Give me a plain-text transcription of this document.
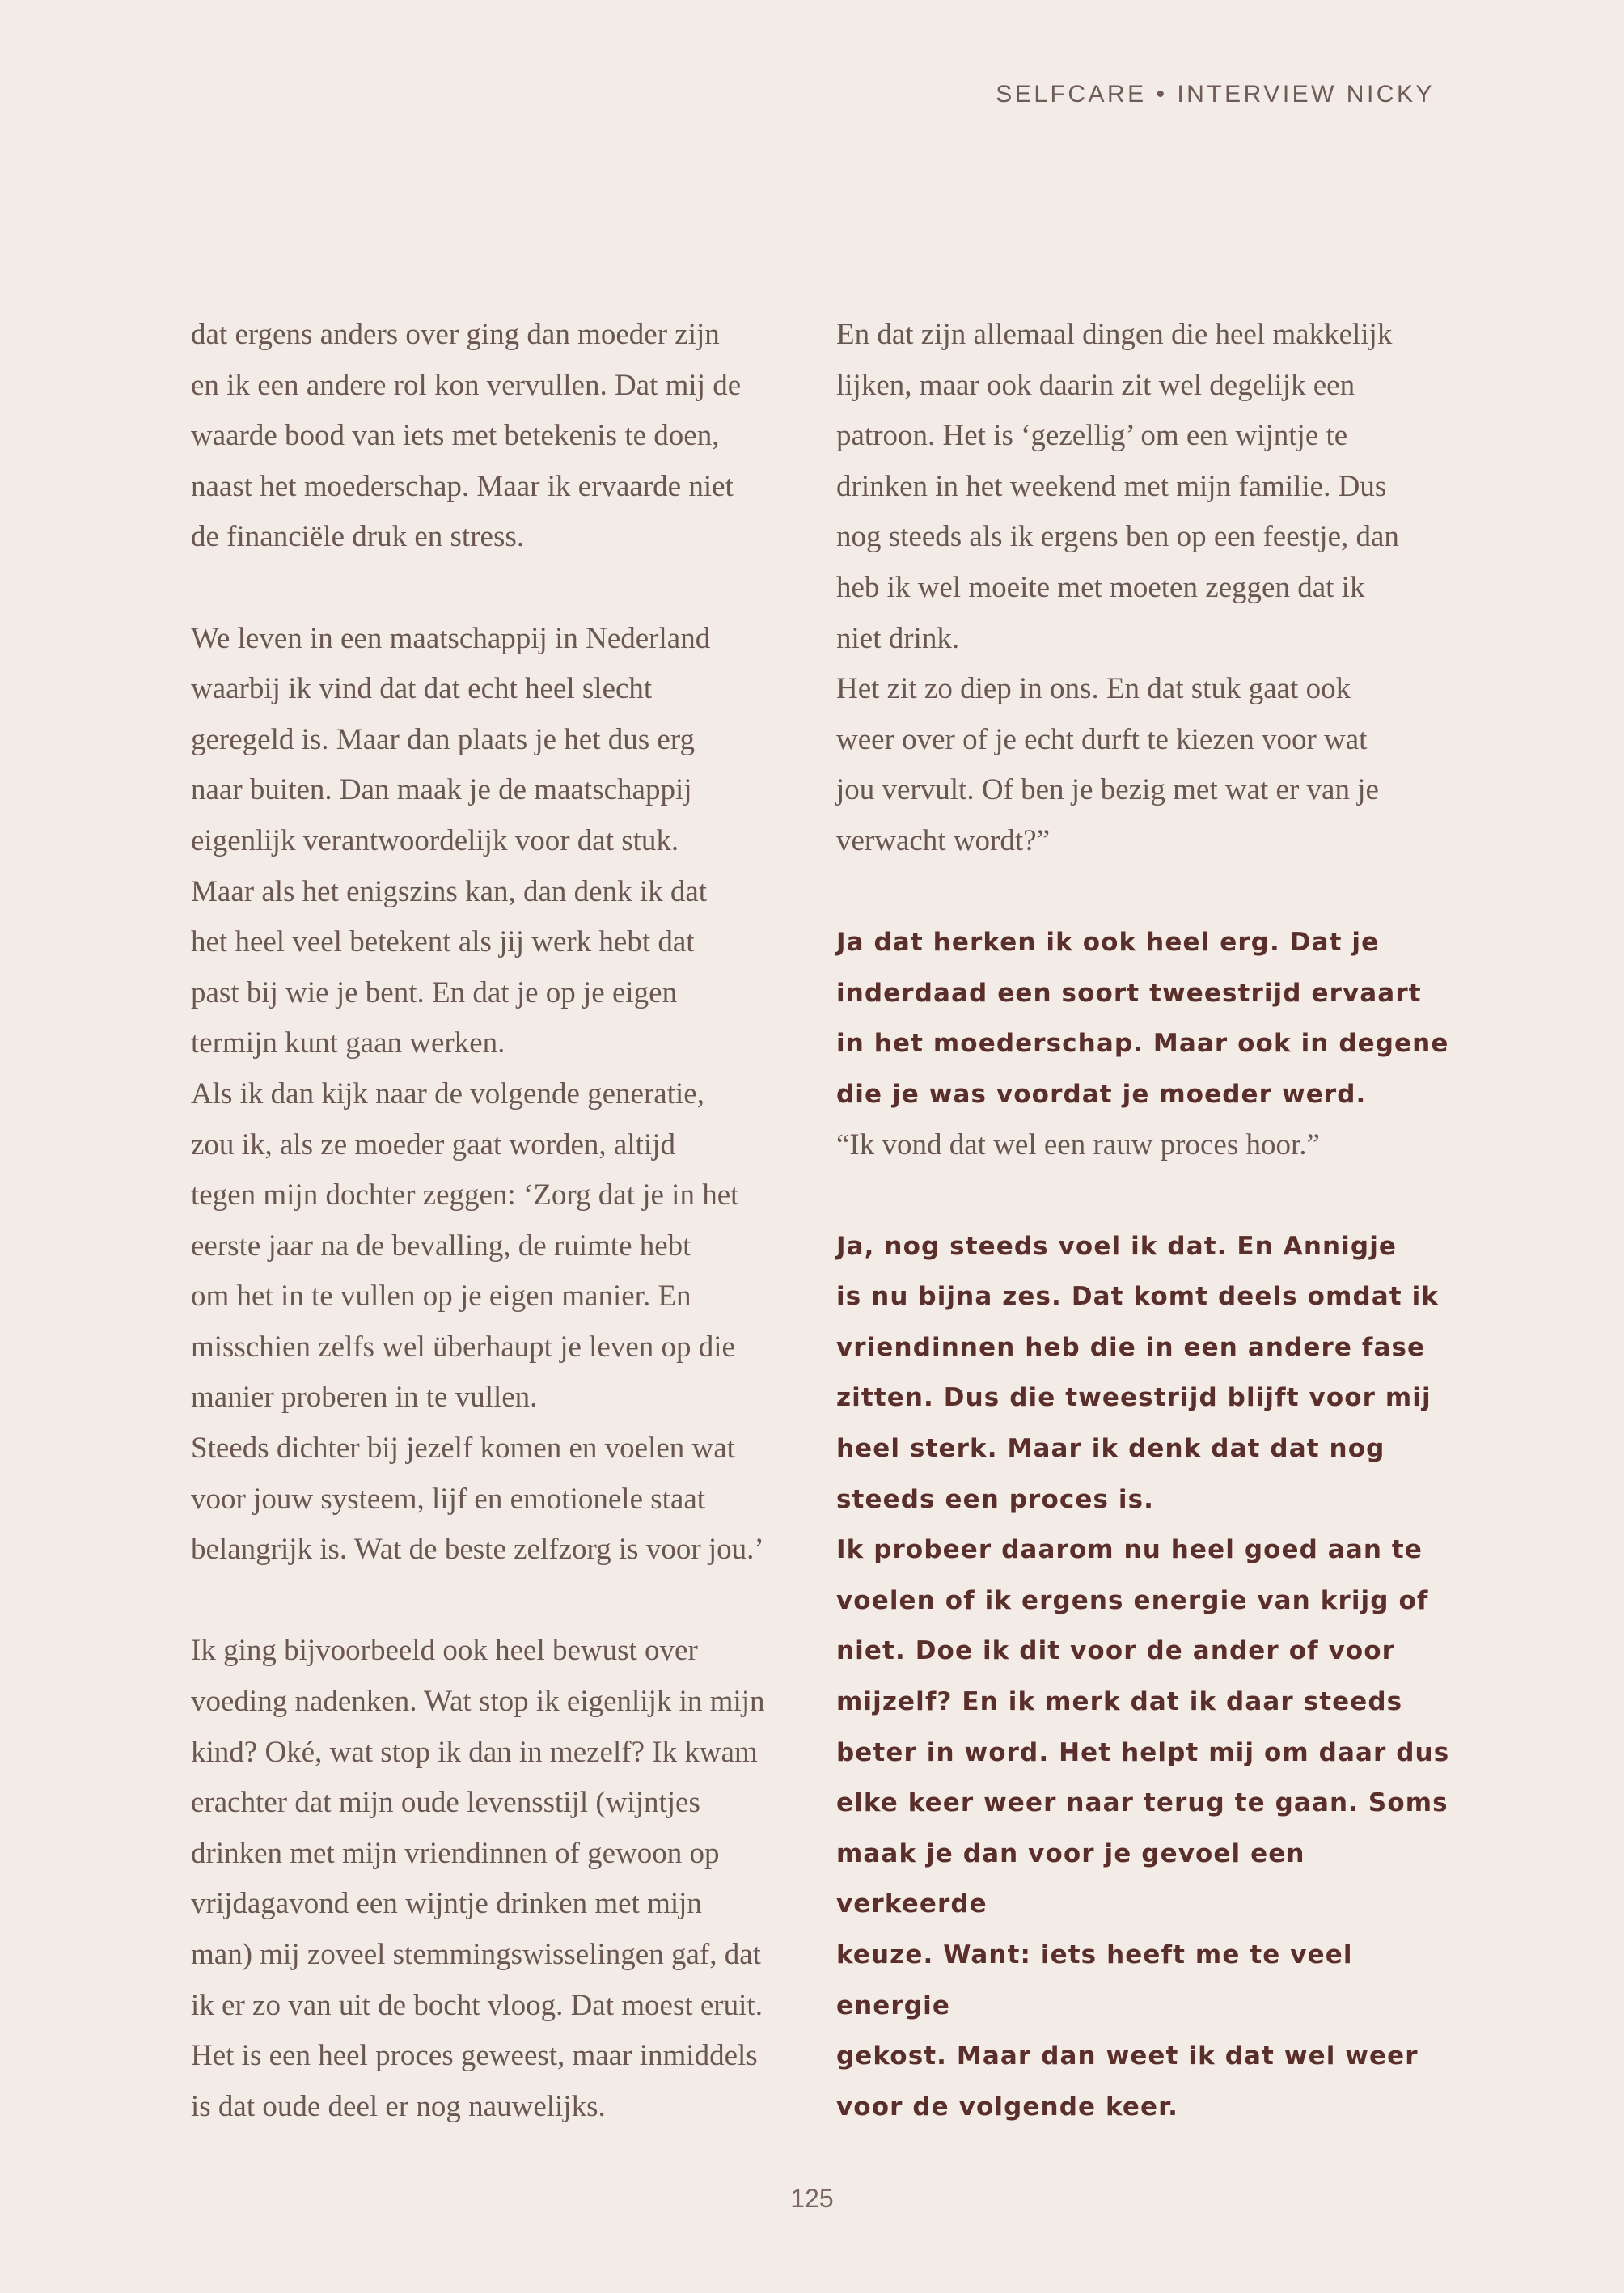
SELFCARE • INTERVIEW NICKY

dat ergens anders over ging dan moeder zijn
en ik een andere rol kon vervullen. Dat mij de
waarde bood van iets met betekenis te doen,
naast het moederschap. Maar ik ervaarde niet
de financiële druk en stress.

We leven in een maatschappij in Nederland
waarbij ik vind dat dat echt heel slecht
geregeld is. Maar dan plaats je het dus erg
naar buiten. Dan maak je de maatschappij
eigenlijk verantwoordelijk voor dat stuk.
Maar als het enigszins kan, dan denk ik dat
het heel veel betekent als jij werk hebt dat
past bij wie je bent. En dat je op je eigen
termijn kunt gaan werken.
Als ik dan kijk naar de volgende generatie,
zou ik, als ze moeder gaat worden, altijd
tegen mijn dochter zeggen: ‘Zorg dat je in het
eerste jaar na de bevalling, de ruimte hebt
om het in te vullen op je eigen manier. En
misschien zelfs wel überhaupt je leven op die
manier proberen in te vullen.
Steeds dichter bij jezelf komen en voelen wat
voor jouw systeem, lijf en emotionele staat
belangrijk is. Wat de beste zelfzorg is voor jou.’

Ik ging bijvoorbeeld ook heel bewust over
voeding nadenken. Wat stop ik eigenlijk in mijn
kind? Oké, wat stop ik dan in mezelf? Ik kwam
erachter dat mijn oude levensstijl (wijntjes
drinken met mijn vriendinnen of gewoon op
vrijdagavond een wijntje drinken met mijn
man) mij zoveel stemmingswisselingen gaf, dat
ik er zo van uit de bocht vloog. Dat moest eruit.
Het is een heel proces geweest, maar inmiddels
is dat oude deel er nog nauwelijks.

En dat zijn allemaal dingen die heel makkelijk
lijken, maar ook daarin zit wel degelijk een
patroon. Het is ‘gezellig’ om een wijntje te
drinken in het weekend met mijn familie. Dus
nog steeds als ik ergens ben op een feestje, dan
heb ik wel moeite met moeten zeggen dat ik
niet drink.
Het zit zo diep in ons. En dat stuk gaat ook
weer over of je echt durft te kiezen voor wat
jou vervult. Of ben je bezig met wat er van je
verwacht wordt?”

Ja dat herken ik ook heel erg. Dat je
inderdaad een soort tweestrijd ervaart
in het moederschap. Maar ook in degene
die je was voordat je moeder werd.

“Ik vond dat wel een rauw proces hoor.”

Ja, nog steeds voel ik dat. En Annigje
is nu bijna zes. Dat komt deels omdat ik
vriendinnen heb die in een andere fase
zitten. Dus die tweestrijd blijft voor mij
heel sterk. Maar ik denk dat dat nog
steeds een proces is.
Ik probeer daarom nu heel goed aan te
voelen of ik ergens energie van krijg of
niet. Doe ik dit voor de ander of voor
mijzelf? En ik merk dat ik daar steeds
beter in word. Het helpt mij om daar dus
elke keer weer naar terug te gaan. Soms
maak je dan voor je gevoel een verkeerde
keuze. Want: iets heeft me te veel energie
gekost. Maar dan weet ik dat wel weer
voor de volgende keer.

125
